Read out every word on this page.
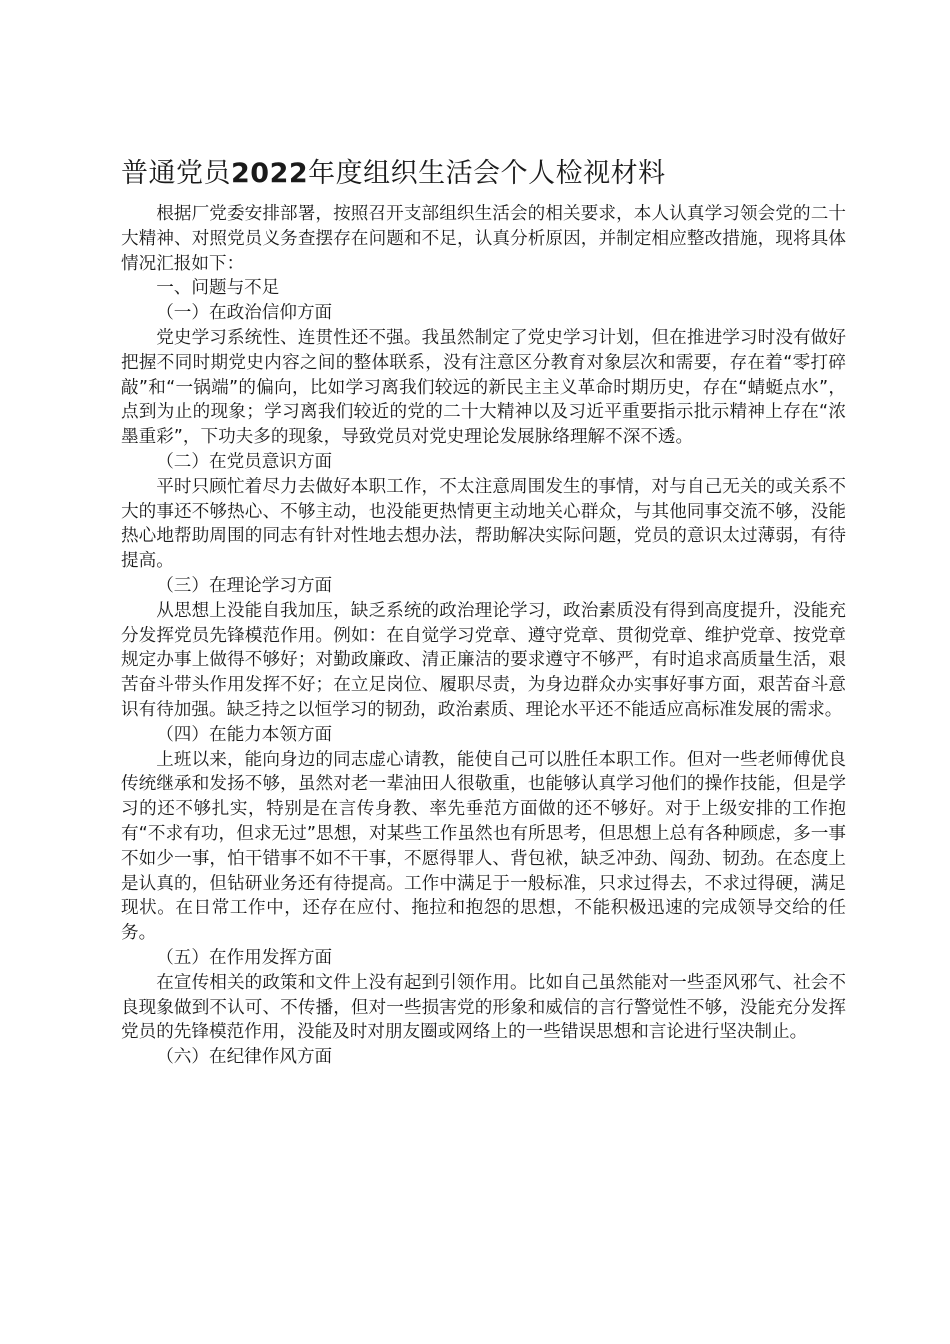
普通党员2022年度组织生活会个人检视材料

根据厂党委安排部署，按照召开支部组织生活会的相关要求，本人认真学习领会党的二十大精神、对照党员义务查摆存在问题和不足，认真分析原因，并制定相应整改措施，现将具体情况汇报如下：

一、问题与不足

（一）在政治信仰方面

党史学习系统性、连贯性还不强。我虽然制定了党史学习计划，但在推进学习时没有做好把握不同时期党史内容之间的整体联系，没有注意区分教育对象层次和需要，存在着“零打碎敲”和“一锅端”的偏向，比如学习离我们较远的新民主主义革命时期历史，存在“蜻蜓点水”，点到为止的现象；学习离我们较近的党的二十大精神以及习近平重要指示批示精神上存在“浓墨重彩”，下功夫多的现象，导致党员对党史理论发展脉络理解不深不透。

（二）在党员意识方面

平时只顾忙着尽力去做好本职工作，不太注意周围发生的事情，对与自己无关的或关系不大的事还不够热心、不够主动，也没能更热情更主动地关心群众，与其他同事交流不够，没能热心地帮助周围的同志有针对性地去想办法，帮助解决实际问题，党员的意识太过薄弱，有待提高。

（三）在理论学习方面

从思想上没能自我加压，缺乏系统的政治理论学习，政治素质没有得到高度提升，没能充分发挥党员先锋模范作用。例如：在自觉学习党章、遵守党章、贯彻党章、维护党章、按党章规定办事上做得不够好；对勤政廉政、清正廉洁的要求遵守不够严，有时追求高质量生活，艰苦奋斗带头作用发挥不好；在立足岗位、履职尽责，为身边群众办实事好事方面，艰苦奋斗意识有待加强。缺乏持之以恒学习的韧劲，政治素质、理论水平还不能适应高标准发展的需求。

（四）在能力本领方面

上班以来，能向身边的同志虚心请教，能使自己可以胜任本职工作。但对一些老师傅优良传统继承和发扬不够，虽然对老一辈油田人很敬重，也能够认真学习他们的操作技能，但是学习的还不够扎实，特别是在言传身教、率先垂范方面做的还不够好。对于上级安排的工作抱有“不求有功，但求无过”思想，对某些工作虽然也有所思考，但思想上总有各种顾虑，多一事不如少一事，怕干错事不如不干事，不愿得罪人、背包袱，缺乏冲劲、闯劲、韧劲。在态度上是认真的，但钻研业务还有待提高。工作中满足于一般标准，只求过得去，不求过得硬，满足现状。在日常工作中，还存在应付、拖拉和抱怨的思想，不能积极迅速的完成领导交给的任务。

（五）在作用发挥方面

在宣传相关的政策和文件上没有起到引领作用。比如自己虽然能对一些歪风邪气、社会不良现象做到不认可、不传播，但对一些损害党的形象和威信的言行警觉性不够，没能充分发挥党员的先锋模范作用，没能及时对朋友圈或网络上的一些错误思想和言论进行坚决制止。

（六）在纪律作风方面
